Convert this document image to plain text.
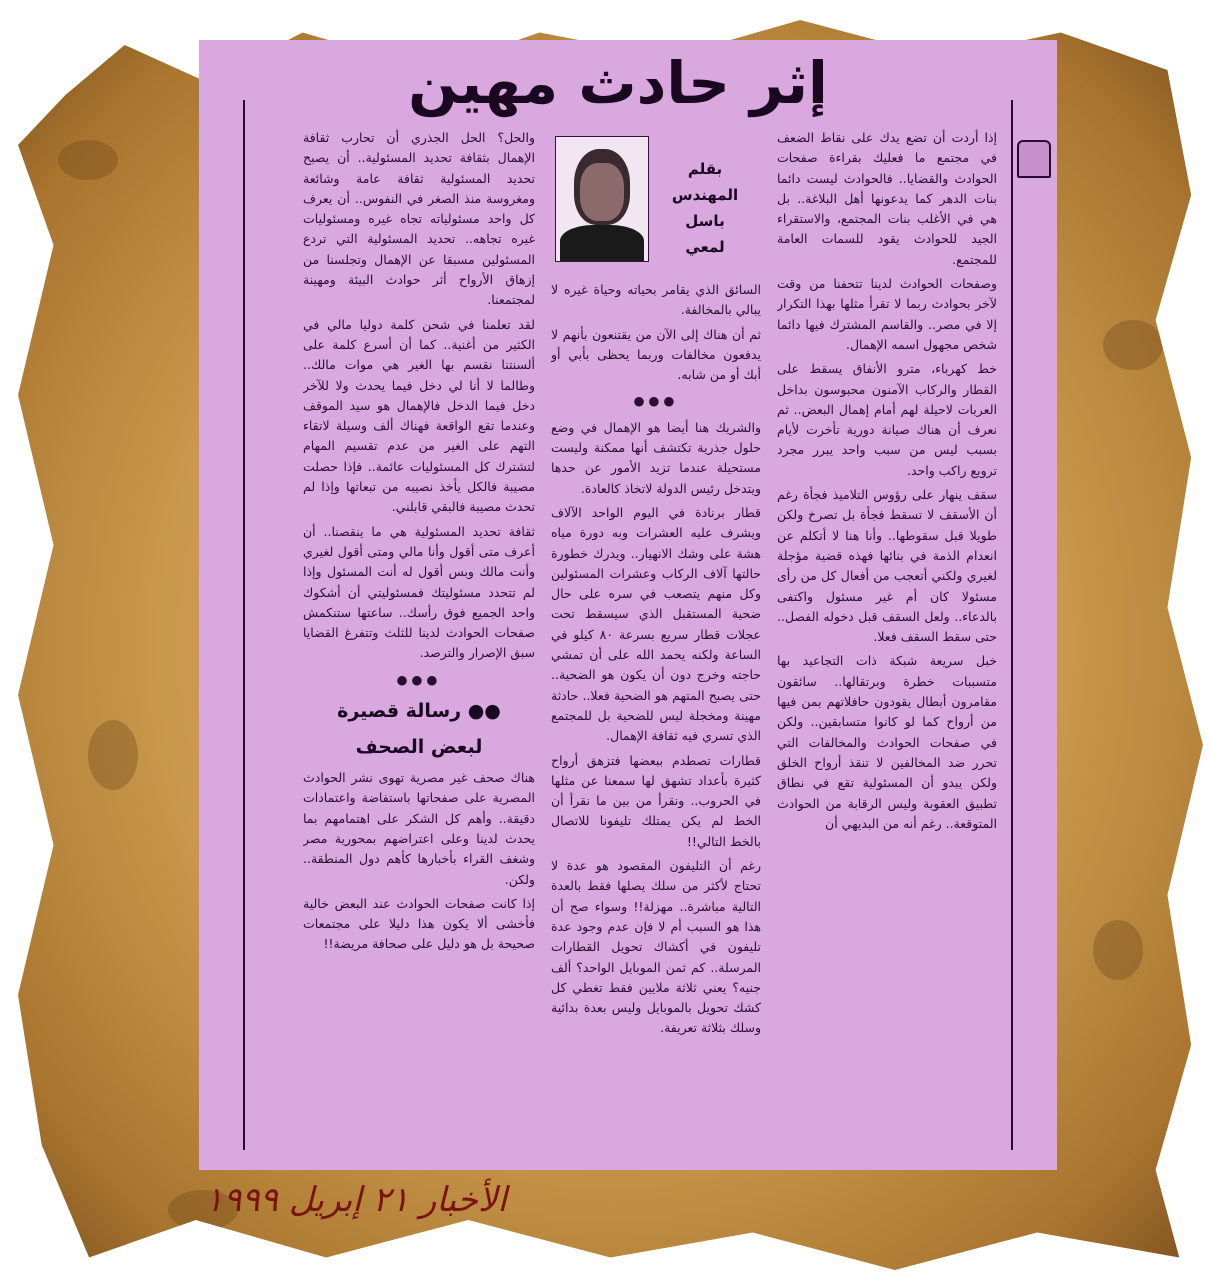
إثر حادث مهين

إذا أردت أن تضع يدك على نقاط الضعف في مجتمع ما فعليك بقراءة صفحات الحوادث والقضايا.. فالحوادث ليست دائما بنات الدهر كما يدعونها أهل البلاغة.. بل هي في الأغلب بنات المجتمع، والاستقراء الجيد للحوادث يقود للسمات العامة للمجتمع.

وصفحات الحوادث لدينا تتحفنا من وقت لآخر بحوادث ربما لا تقرأ مثلها بهذا التكرار إلا في مصر.. والقاسم المشترك فيها دائما شخص مجهول اسمه الإهمال.

خط كهرباء، مترو الأنفاق يسقط على القطار والركاب الآمنون محبوسون بداخل العربات لاحيلة لهم أمام إهمال البعض.. ثم نعرف أن هناك صيانة دورية تأخرت لأيام بسبب ليس من سبب واحد يبرر مجرد ترويع راكب واحد.

سقف ينهار على رؤوس التلاميذ فجأة رغم أن الأسقف لا تسقط فجأة بل تصرخ ولكن طويلا قبل سقوطها.. وأنا هنا لا أتكلم عن انعدام الذمة في بنائها فهذه قضية مؤجلة لغيري ولكني أتعجب من أفعال كل من رأى مسئولا كان أم غير مسئول واكتفى بالدعاء.. ولعل السقف قبل دخوله الفصل.. حتى سقط السقف فعلا.

خبل سريعة شبكة ذات التجاعيد بها متسببات خطرة وبرتقالها.. سائقون مقامرون أبطال يقودون حافلاتهم بمن فيها من أرواح كما لو كانوا متسابقين.. ولكن في صفحات الحوادث والمخالفات التي تحرر ضد المخالفين لا تنقذ أرواح الخلق ولكن يبدو أن المسئولية تقع في نطاق تطبيق العقوبة وليس الرقابة من الحوادث المتوقعة.. رغم أنه من البديهي أن

بقلم المهندس
باسل
لمعي

السائق الذي يقامر بحياته وحياة غيره لا يبالي بالمخالفة.

ثم أن هناك إلى الآن من يقتنعون بأنهم لا يدفعون مخالفات وربما يحظى بأبي أو أبك أو من شابه.

●●●

والشريك هنا أيضا هو الإهمال في وضع حلول جذرية تكتشف أنها ممكنة وليست مستحيلة عندما تزيد الأمور عن حدها ويتدخل رئيس الدولة لاتخاذ كالعادة.

قطار برنادة في اليوم الواحد الآلاف ويشرف عليه العشرات وبه دورة مياه هشة على وشك الانهيار.. ويدرك خطورة حالتها آلاف الركاب وعشرات المسئولين وكل منهم يتصعب في سره على حال ضحية المستقبل الذي سيسقط تحت عجلات قطار سريع بسرعة ٨٠ كيلو في الساعة ولكنه يحمد الله على أن تمشي حاجته وخرج دون أن يكون هو الضحية.. حتى يصبح المتهم هو الضحية فعلا.. حادثة مهينة ومخجلة ليس للضحية بل للمجتمع الذي تسري فيه ثقافة الإهمال.

قطارات تصطدم ببعضها فتزهق أرواح كثيرة بأعداد تشهق لها سمعنا عن مثلها في الحروب.. ونقرأ من بين ما نقرأ أن الخط لم يكن يمتلك تليفونا للاتصال بالخط التالي!!

رغم أن التليفون المقصود هو عدة لا تحتاج لأكثر من سلك يصلها فقط بالعدة التالية مباشرة.. مهزلة!! وسواء صح أن هذا هو السبب أم لا فإن عدم وجود عدة تليفون في أكشاك تحويل القطارات المرسلة.. كم ثمن الموبايل الواحد؟ ألف جنيه؟ يعني ثلاثة ملايين فقط تغطي كل كشك تحويل بالموبايل وليس بعدة بدائية وسلك بثلاثة تعريفة.

والحل؟ الحل الجذري أن تحارب ثقافة الإهمال بثقافة تحديد المسئولية.. أن يصبح تحديد المسئولية ثقافة عامة وشائعة ومغروسة منذ الصغر في النفوس.. أن يعرف كل واحد مسئولياته تجاه غيره ومسئوليات غيره تجاهه.. تحديد المسئولية التي تردع المسئولين مسبقا عن الإهمال وتجلسنا من إزهاق الأرواح أثر حوادث البيئة ومهينة لمجتمعنا.

لقد تعلمنا في شحن كلمة دوليا مالي في الكثير من أغنية.. كما أن أسرع كلمة على ألسنتنا نقسم بها الغير هي موات مالك.. وطالما لا أنا لي دخل فيما يحدث ولا للآخر دخل فيما الدخل فالإهمال هو سيد الموقف وعندما تقع الواقعة فهناك ألف وسيلة لاتقاء التهم على الغير من عدم تقسيم المهام لتشترك كل المسئوليات عائمة.. فإذا حصلت مصيبة فالكل يأخذ نصيبه من تبعاتها وإذا لم تحدث مصيبة فالبقي قابلني.

ثقافة تحديد المسئولية هي ما ينقصنا.. أن أعرف متى أقول وأنا مالي ومتى أقول لغيري وأنت مالك وبس أقول له أنت المسئول وإذا لم تتحدد مسئوليتك فمسئوليتي أن أشكوك واحد الجميع فوق رأسك.. ساعتها ستنكمش صفحات الحوادث لدينا للثلث وتتفرغ القضايا سبق الإصرار والترصد.

●●●
●● رسالة قصيرة
لبعض الصحف

هناك صحف غير مصرية تهوى نشر الحوادث المصرية على صفحاتها باستفاضة واعتمادات دقيقة.. وأهم كل الشكر على اهتمامهم بما يحدث لدينا وعلى اعتراضهم بمحورية مصر وشغف القراء بأخبارها كأهم دول المنطقة.. ولكن.

إذا كانت صفحات الحوادث عند البعض خالية فأخشى ألا يكون هذا دليلا على مجتمعات صحيحة بل هو دليل على صحافة مريضة!!

الأخبار ٢١ إبريل ١٩٩٩
